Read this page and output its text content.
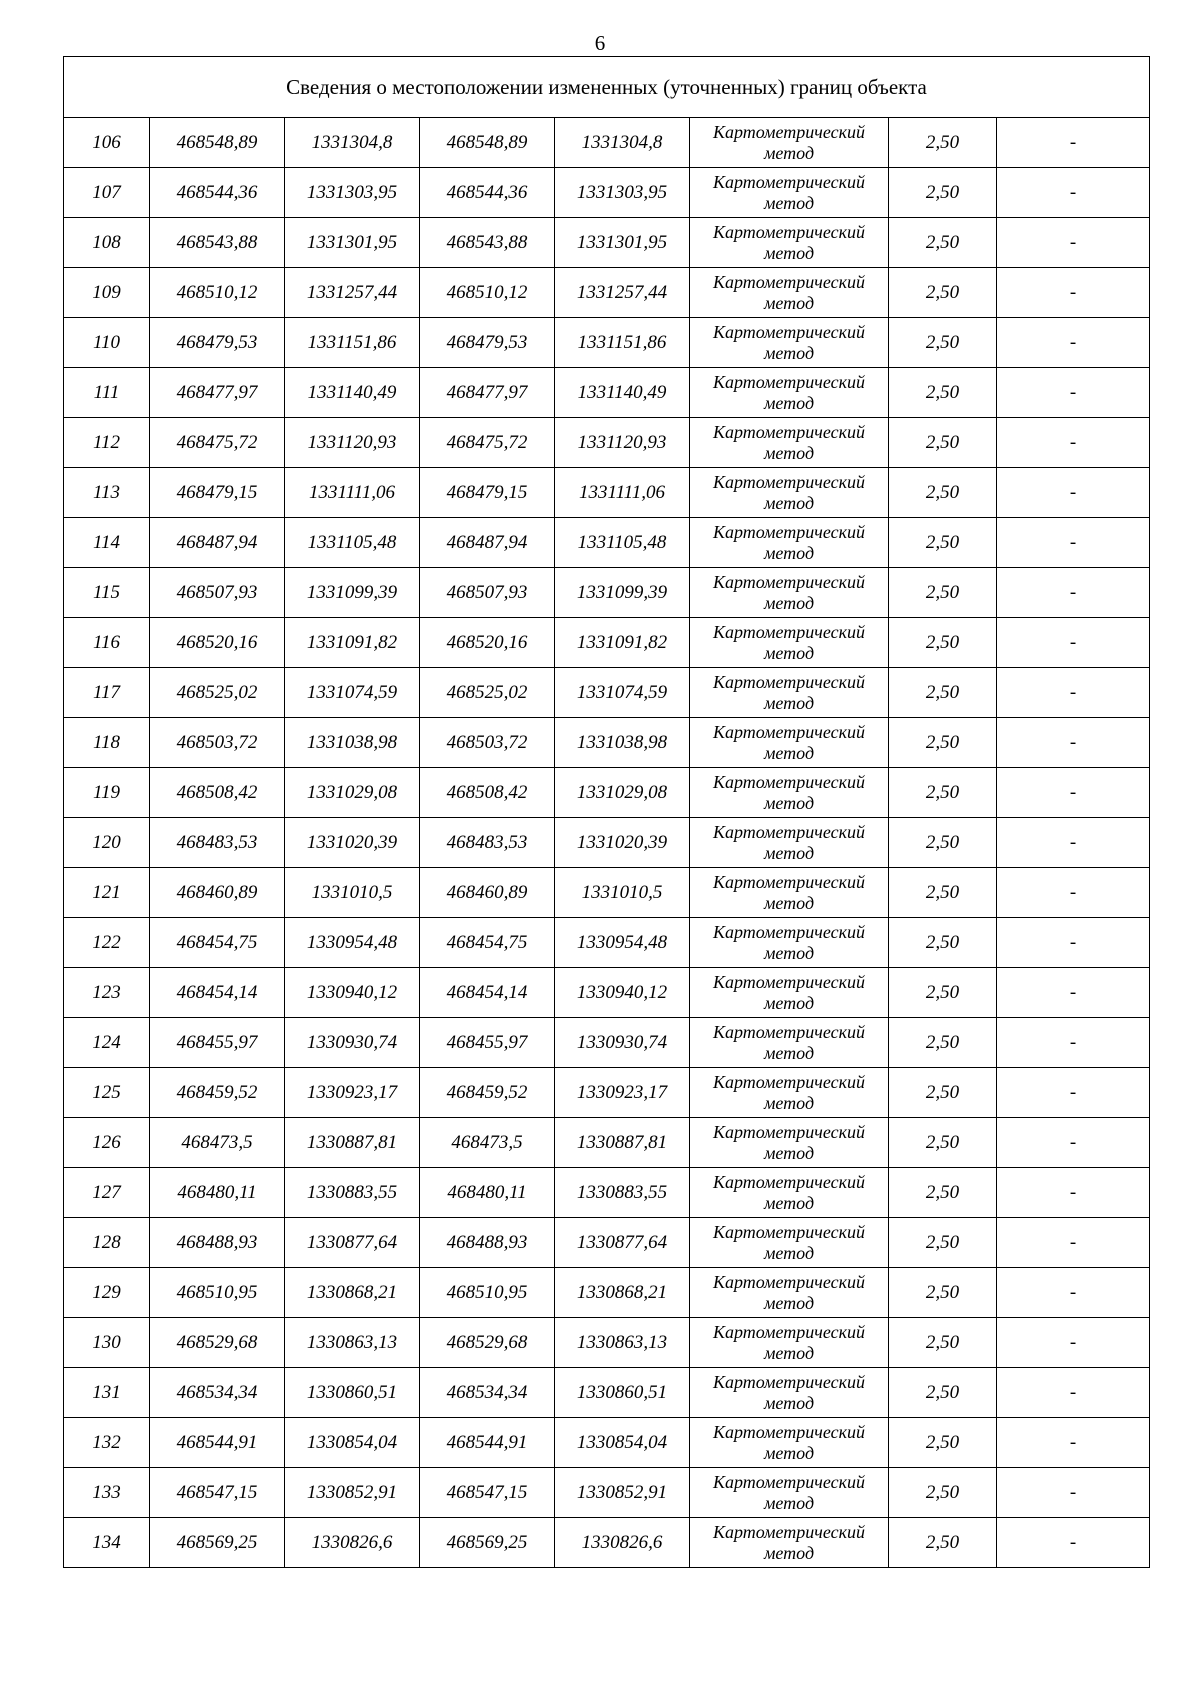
6
Сведения о местоположении измененных (уточненных) границ объекта							
106	468548,89	1331304,8	468548,89	1331304,8	Картометрический метод	2,50	-
107	468544,36	1331303,95	468544,36	1331303,95	Картометрический метод	2,50	-
108	468543,88	1331301,95	468543,88	1331301,95	Картометрический метод	2,50	-
109	468510,12	1331257,44	468510,12	1331257,44	Картометрический метод	2,50	-
110	468479,53	1331151,86	468479,53	1331151,86	Картометрический метод	2,50	-
111	468477,97	1331140,49	468477,97	1331140,49	Картометрический метод	2,50	-
112	468475,72	1331120,93	468475,72	1331120,93	Картометрический метод	2,50	-
113	468479,15	1331111,06	468479,15	1331111,06	Картометрический метод	2,50	-
114	468487,94	1331105,48	468487,94	1331105,48	Картометрический метод	2,50	-
115	468507,93	1331099,39	468507,93	1331099,39	Картометрический метод	2,50	-
116	468520,16	1331091,82	468520,16	1331091,82	Картометрический метод	2,50	-
117	468525,02	1331074,59	468525,02	1331074,59	Картометрический метод	2,50	-
118	468503,72	1331038,98	468503,72	1331038,98	Картометрический метод	2,50	-
119	468508,42	1331029,08	468508,42	1331029,08	Картометрический метод	2,50	-
120	468483,53	1331020,39	468483,53	1331020,39	Картометрический метод	2,50	-
121	468460,89	1331010,5	468460,89	1331010,5	Картометрический метод	2,50	-
122	468454,75	1330954,48	468454,75	1330954,48	Картометрический метод	2,50	-
123	468454,14	1330940,12	468454,14	1330940,12	Картометрический метод	2,50	-
124	468455,97	1330930,74	468455,97	1330930,74	Картометрический метод	2,50	-
125	468459,52	1330923,17	468459,52	1330923,17	Картометрический метод	2,50	-
126	468473,5	1330887,81	468473,5	1330887,81	Картометрический метод	2,50	-
127	468480,11	1330883,55	468480,11	1330883,55	Картометрический метод	2,50	-
128	468488,93	1330877,64	468488,93	1330877,64	Картометрический метод	2,50	-
129	468510,95	1330868,21	468510,95	1330868,21	Картометрический метод	2,50	-
130	468529,68	1330863,13	468529,68	1330863,13	Картометрический метод	2,50	-
131	468534,34	1330860,51	468534,34	1330860,51	Картометрический метод	2,50	-
132	468544,91	1330854,04	468544,91	1330854,04	Картометрический метод	2,50	-
133	468547,15	1330852,91	468547,15	1330852,91	Картометрический метод	2,50	-
134	468569,25	1330826,6	468569,25	1330826,6	Картометрический метод	2,50	-
